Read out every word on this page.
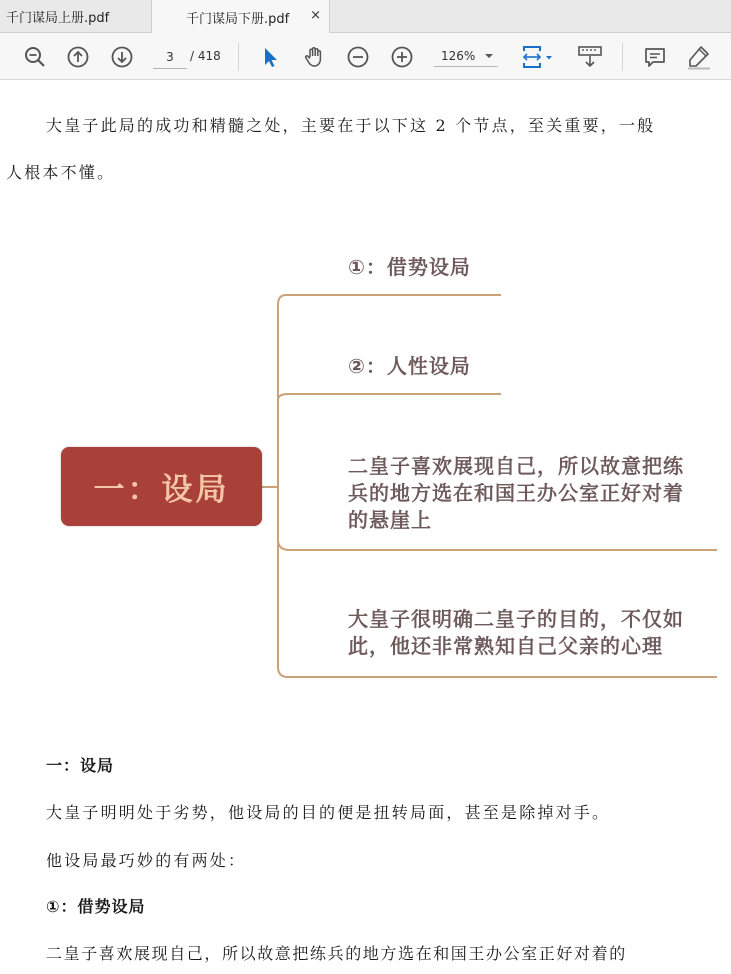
千门谋局上册.pdf	千门谋局下册.pdf ×
3
/ 418	126%
大皇子此局的成功和精髓之处，主要在于以下这 2 个节点，至关重要，一般
人根本不懂。
一：设局
①：借势设局
②：人性设局
二皇子喜欢展现自己，所以故意把练
兵的地方选在和国王办公室正好对着
的悬崖上
大皇子很明确二皇子的目的，不仅如
此，他还非常熟知自己父亲的心理
一：设局
大皇子明明处于劣势，他设局的目的便是扭转局面，甚至是除掉对手。
他设局最巧妙的有两处：
①：借势设局
二皇子喜欢展现自己，所以故意把练兵的地方选在和国王办公室正好对着的
